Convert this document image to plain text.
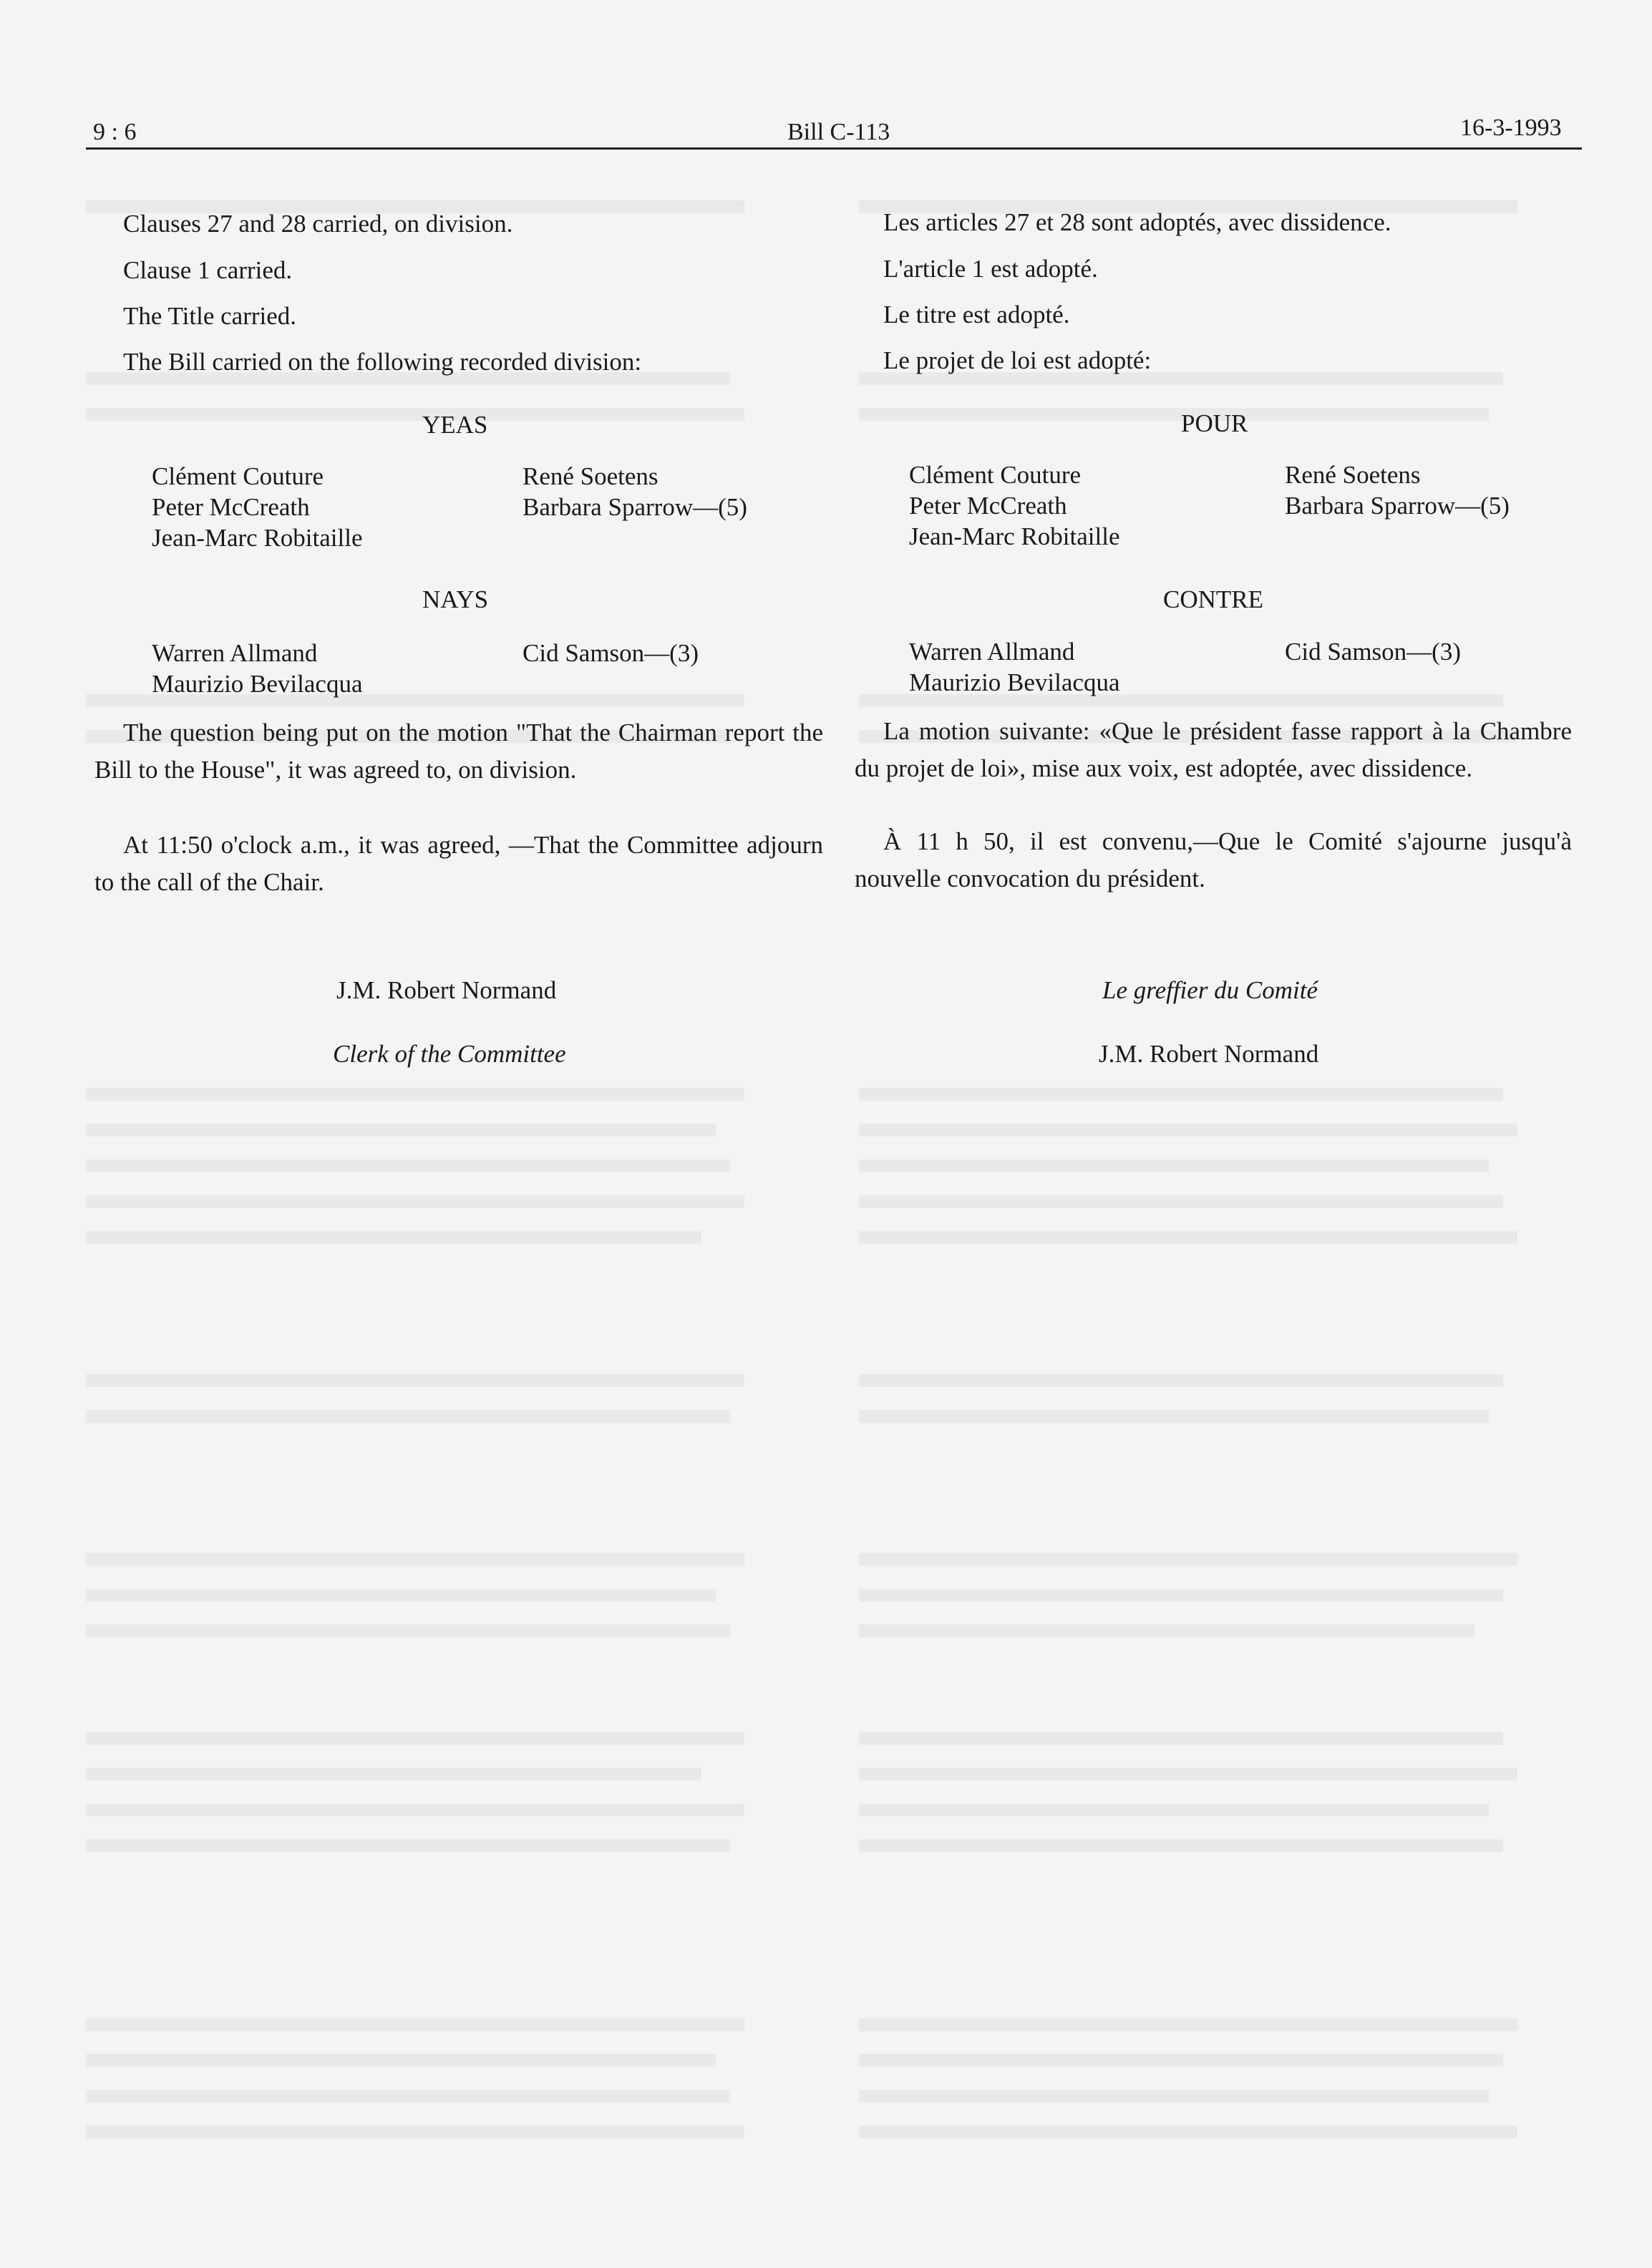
9 : 6	Bill C-113	16-3-1993
Clauses 27 and 28 carried, on division.
Clause 1 carried.
The Title carried.
The Bill carried on the following recorded division:
YEAS
Clément Couture
Peter McCreath
Jean-Marc Robitaille
René Soetens
Barbara Sparrow—(5)
NAYS
Warren Allmand
Maurizio Bevilacqua
Cid Samson—(3)
The question being put on the motion "That the Chairman report the Bill to the House", it was agreed to, on division.
At 11:50 o'clock a.m., it was agreed, —That the Committee adjourn to the call of the Chair.
J.M. Robert Normand
Clerk of the Committee
Les articles 27 et 28 sont adoptés, avec dissidence.
L'article 1 est adopté.
Le titre est adopté.
Le projet de loi est adopté:
POUR
Clément Couture
Peter McCreath
Jean-Marc Robitaille
René Soetens
Barbara Sparrow—(5)
CONTRE
Warren Allmand
Maurizio Bevilacqua
Cid Samson—(3)
La motion suivante: «Que le président fasse rapport à la Chambre du projet de loi», mise aux voix, est adoptée, avec dissidence.
À 11 h 50, il est convenu,—Que le Comité s'ajourne jusqu'à nouvelle convocation du président.
Le greffier du Comité
J.M. Robert Normand
